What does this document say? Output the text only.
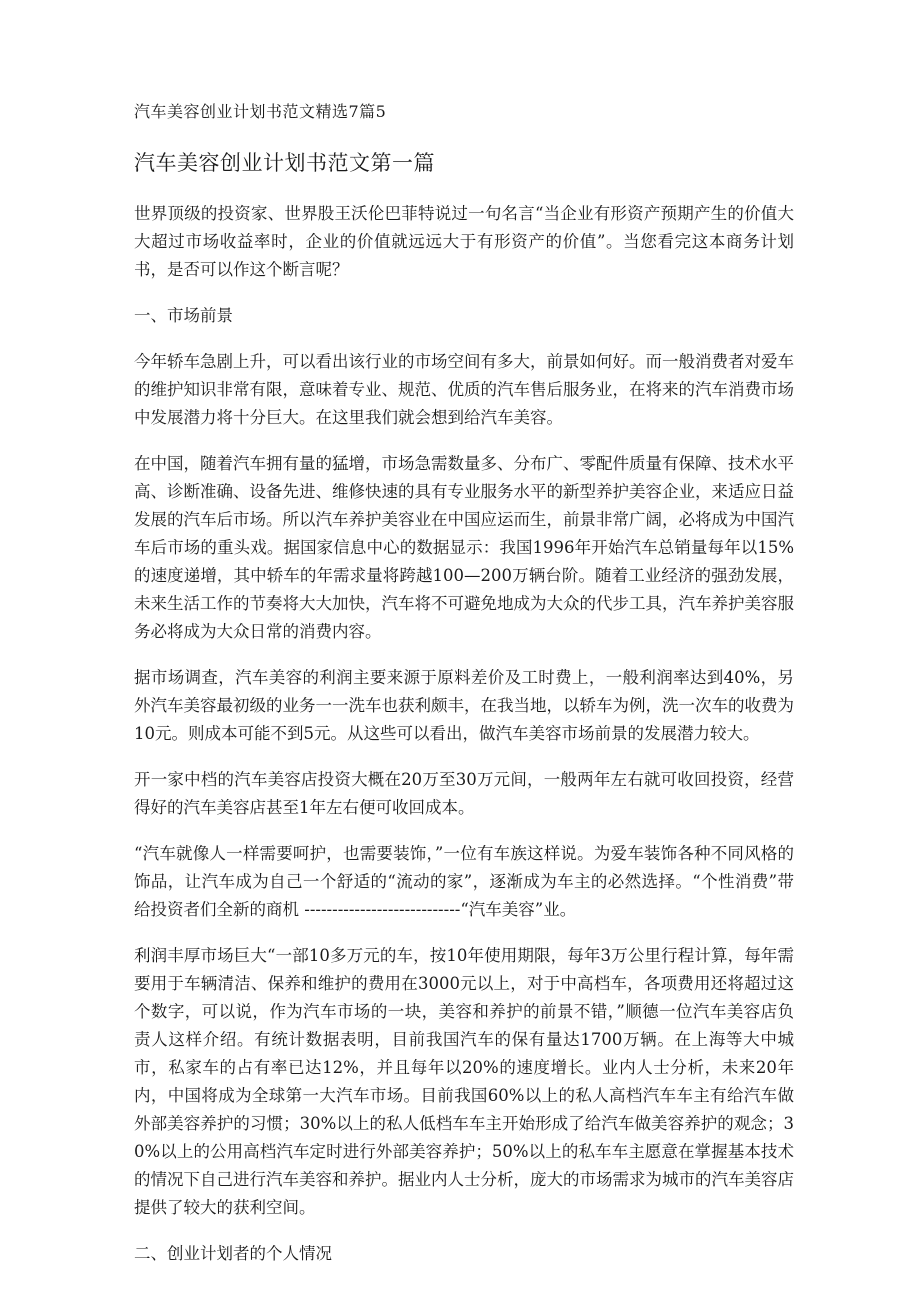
汽车美容创业计划书范文精选7篇5
汽车美容创业计划书范文第一篇

世界顶级的投资家、世界股王沃伦巴菲特说过一句名言“当企业有形资产预期产生的价值大大超过市场收益率时，企业的价值就远远大于有形资产的价值”。当您看完这本商务计划书，是否可以作这个断言呢？

一、市场前景

今年轿车急剧上升，可以看出该行业的市场空间有多大，前景如何好。而一般消费者对爱车的维护知识非常有限，意味着专业、规范、优质的汽车售后服务业，在将来的汽车消费市场中发展潜力将十分巨大。在这里我们就会想到给汽车美容。

在中国，随着汽车拥有量的猛增，市场急需数量多、分布广、零配件质量有保障、技术水平高、诊断准确、设备先进、维修快速的具有专业服务水平的新型养护美容企业，来适应日益发展的汽车后市场。所以汽车养护美容业在中国应运而生，前景非常广阔，必将成为中国汽车后市场的重头戏。据国家信息中心的数据显示：我国1996年开始汽车总销量每年以15%的速度递增，其中轿车的年需求量将跨越100—200万辆台阶。随着工业经济的强劲发展，未来生活工作的节奏将大大加快，汽车将不可避免地成为大众的代步工具，汽车养护美容服务必将成为大众日常的消费内容。

据市场调查，汽车美容的利润主要来源于原料差价及工时费上，一般利润率达到40%，另外汽车美容最初级的业务一一洗车也获利颇丰，在我当地，以轿车为例，洗一次车的收费为10元。则成本可能不到5元。从这些可以看出，做汽车美容市场前景的发展潜力较大。

开一家中档的汽车美容店投资大概在20万至30万元间，一般两年左右就可收回投资，经营得好的汽车美容店甚至1年左右便可收回成本。

“汽车就像人一样需要呵护，也需要装饰，”一位有车族这样说。为爱车装饰各种不同风格的饰品，让汽车成为自己一个舒适的“流动的家”，逐渐成为车主的必然选择。“个性消费”带给投资者们全新的商机 ----------------------------“汽车美容”业。

利润丰厚市场巨大“一部10多万元的车，按10年使用期限，每年3万公里行程计算，每年需要用于车辆清洁、保养和维护的费用在3000元以上，对于中高档车，各项费用还将超过这个数字，可以说，作为汽车市场的一块，美容和养护的前景不错，”顺德一位汽车美容店负责人这样介绍。有统计数据表明，目前我国汽车的保有量达1700万辆。在上海等大中城市，私家车的占有率已达12%，并且每年以20%的速度增长。业内人士分析，未来20年内，中国将成为全球第一大汽车市场。目前我国60%以上的私人高档汽车车主有给汽车做外部美容养护的习惯；30%以上的私人低档车车主开始形成了给汽车做美容养护的观念；30%以上的公用高档汽车定时进行外部美容养护；50%以上的私车车主愿意在掌握基本技术的情况下自己进行汽车美容和养护。据业内人士分析，庞大的市场需求为城市的汽车美容店提供了较大的获利空间。

二、创业计划者的个人情况
